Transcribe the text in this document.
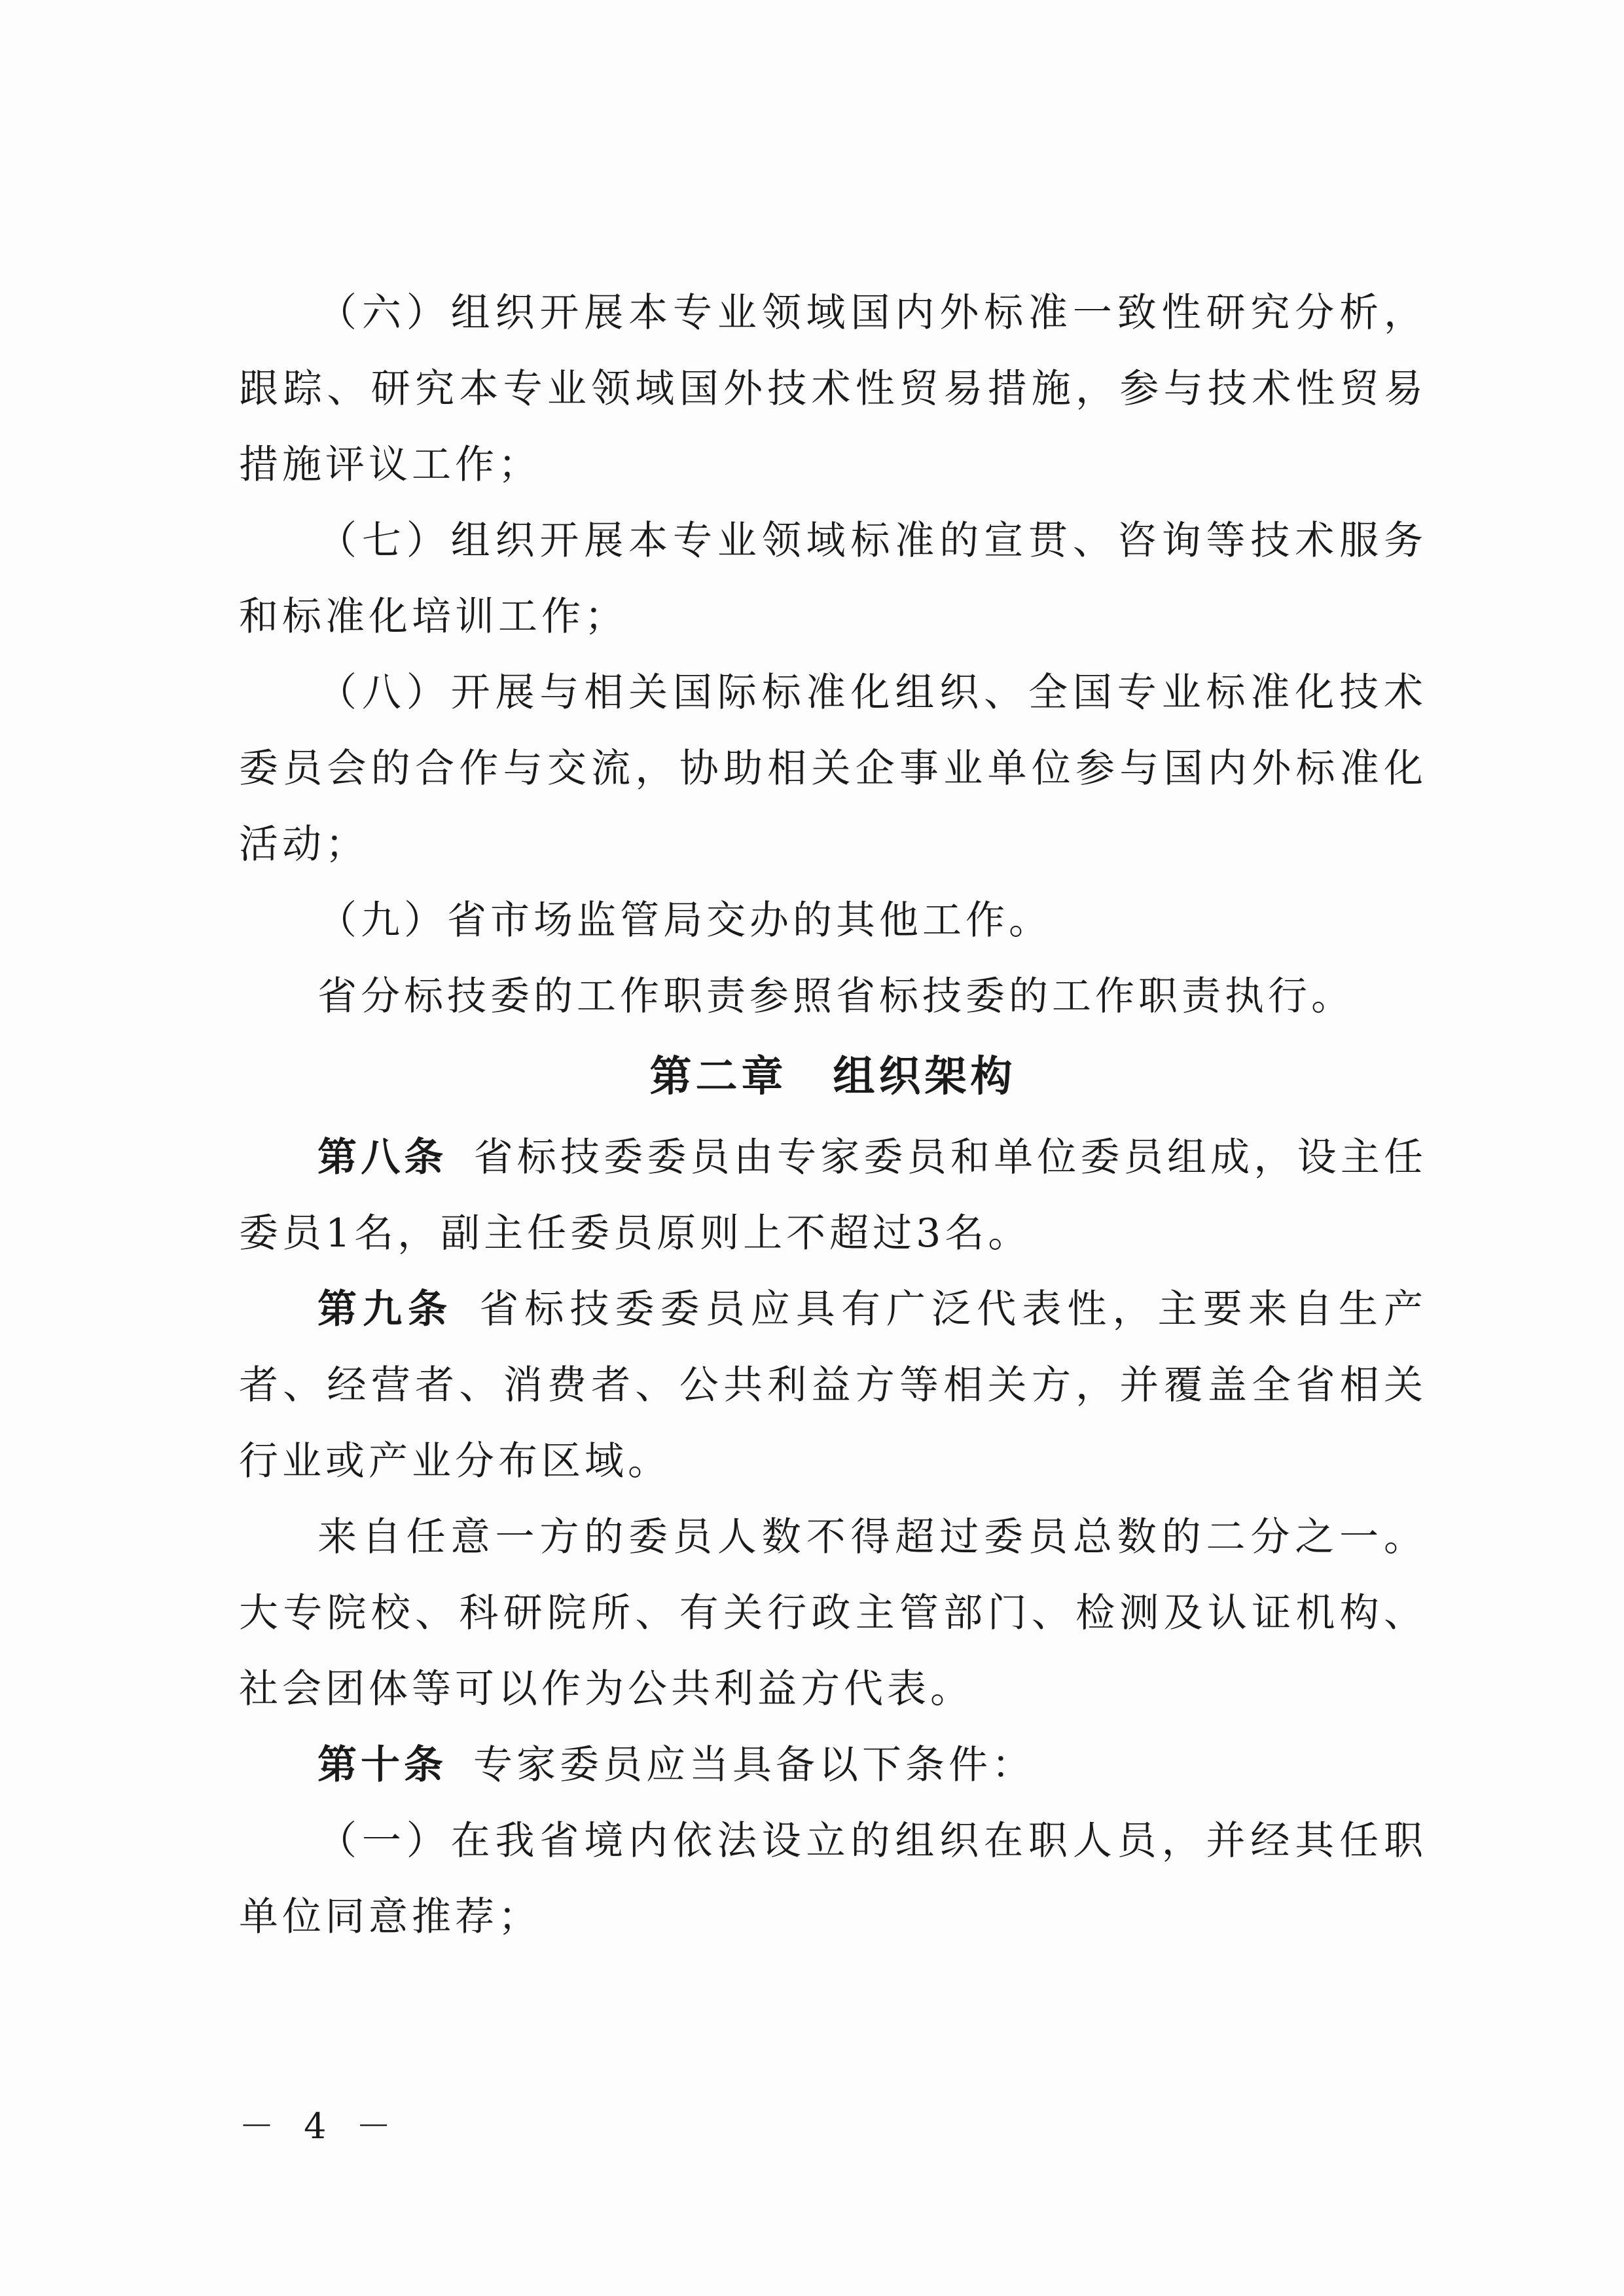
（六）组织开展本专业领域国内外标准一致性研究分析，跟踪、研究本专业领域国外技术性贸易措施，参与技术性贸易措施评议工作；

（七）组织开展本专业领域标准的宣贯、咨询等技术服务和标准化培训工作；

（八）开展与相关国际标准化组织、全国专业标准化技术委员会的合作与交流，协助相关企事业单位参与国内外标准化活动；

（九）省市场监管局交办的其他工作。

省分标技委的工作职责参照省标技委的工作职责执行。

第二章 组织架构

第八条 省标技委委员由专家委员和单位委员组成，设主任委员1名，副主任委员原则上不超过3名。

第九条 省标技委委员应具有广泛代表性，主要来自生产者、经营者、消费者、公共利益方等相关方，并覆盖全省相关行业或产业分布区域。

来自任意一方的委员人数不得超过委员总数的二分之一。大专院校、科研院所、有关行政主管部门、检测及认证机构、社会团体等可以作为公共利益方代表。

第十条 专家委员应当具备以下条件：

（一）在我省境内依法设立的组织在职人员，并经其任职单位同意推荐；

－ 4 －
